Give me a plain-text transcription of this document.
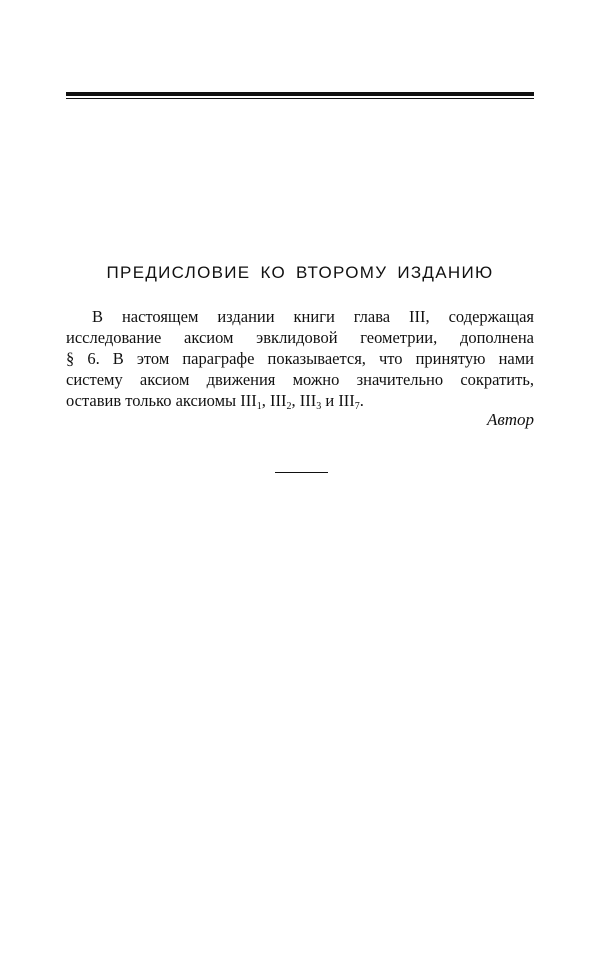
ПРЕДИСЛОВИЕ КО ВТОРОМУ ИЗДАНИЮ
В настоящем издании книги глава III, содержащая
исследование аксиом эвклидовой геометрии, дополнена
§ 6. В этом параграфе показывается, что принятую нами
систему аксиом движения можно значительно сократить,
оставив только аксиомы $III_1$, $III_2$, $III_3$ и $III_7$.

Автор
